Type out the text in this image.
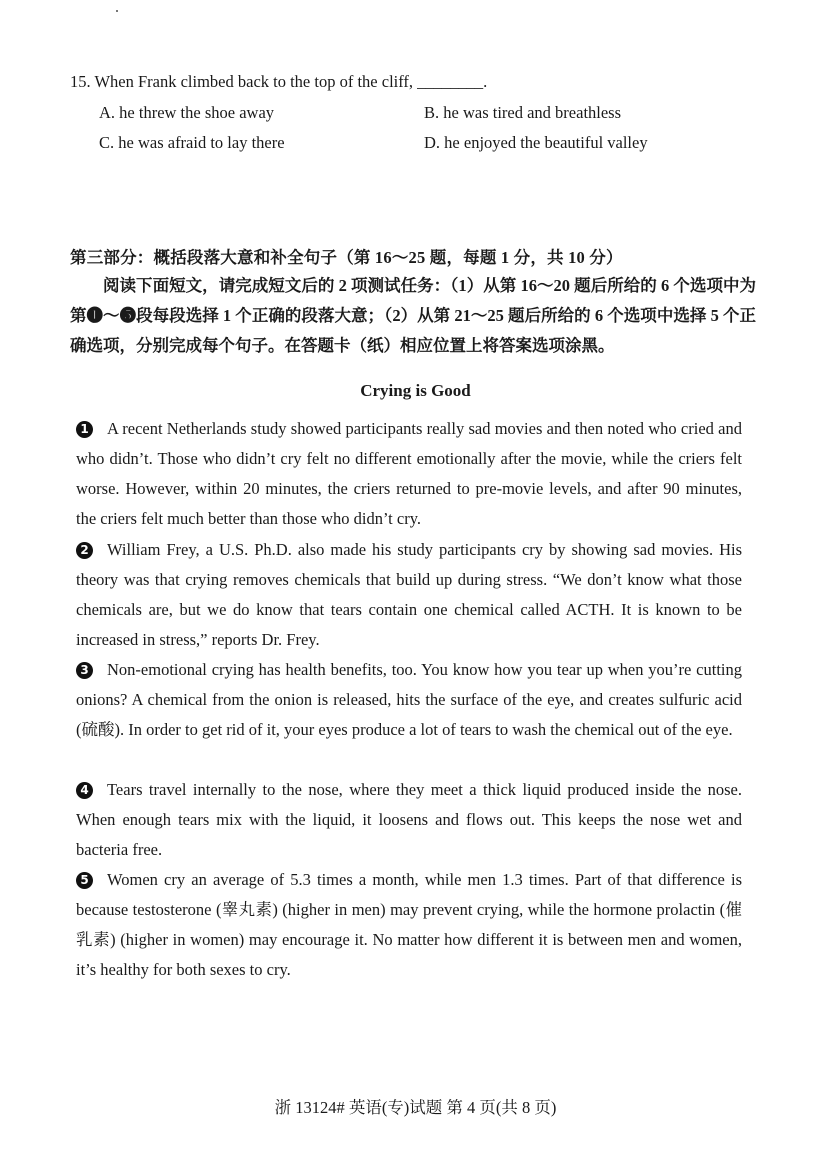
15. When Frank climbed back to the top of the cliff, ________.
A. he threw the shoe away	B. he was tired and breathless
C. he was afraid to lay there	D. he enjoyed the beautiful valley
第三部分：概括段落大意和补全句子（第 16～25 题，每题 1 分，共 10 分）

阅读下面短文，请完成短文后的 2 项测试任务：（1）从第 16～20 题后所给的 6 个选项中为第❶～❺段每段选择 1 个正确的段落大意；（2）从第 21～25 题后所给的 6 个选项中选择 5 个正确选项，分别完成每个句子。在答题卡（纸）相应位置上将答案选项涂黑。

Crying is Good

1 A recent Netherlands study showed participants really sad movies and then noted who cried and who didn’t. Those who didn’t cry felt no different emotionally after the movie, while the criers felt worse. However, within 20 minutes, the criers returned to pre-movie levels, and after 90 minutes, the criers felt much better than those who didn’t cry.

2 William Frey, a U.S. Ph.D. also made his study participants cry by showing sad movies. His theory was that crying removes chemicals that build up during stress. “We don’t know what those chemicals are, but we do know that tears contain one chemical called ACTH. It is known to be increased in stress,” reports Dr. Frey.

3 Non-emotional crying has health benefits, too. You know how you tear up when you’re cutting onions? A chemical from the onion is released, hits the surface of the eye, and creates sulfuric acid (硫酸). In order to get rid of it, your eyes produce a lot of tears to wash the chemical out of the eye.

4 Tears travel internally to the nose, where they meet a thick liquid produced inside the nose. When enough tears mix with the liquid, it loosens and flows out. This keeps the nose wet and bacteria free.

5 Women cry an average of 5.3 times a month, while men 1.3 times. Part of that difference is because testosterone (睾丸素) (higher in men) may prevent crying, while the hormone prolactin (催乳素) (higher in women) may encourage it. No matter how different it is between men and women, it’s healthy for both sexes to cry.

浙 13124# 英语(专)试题 第 4 页(共 8 页)
